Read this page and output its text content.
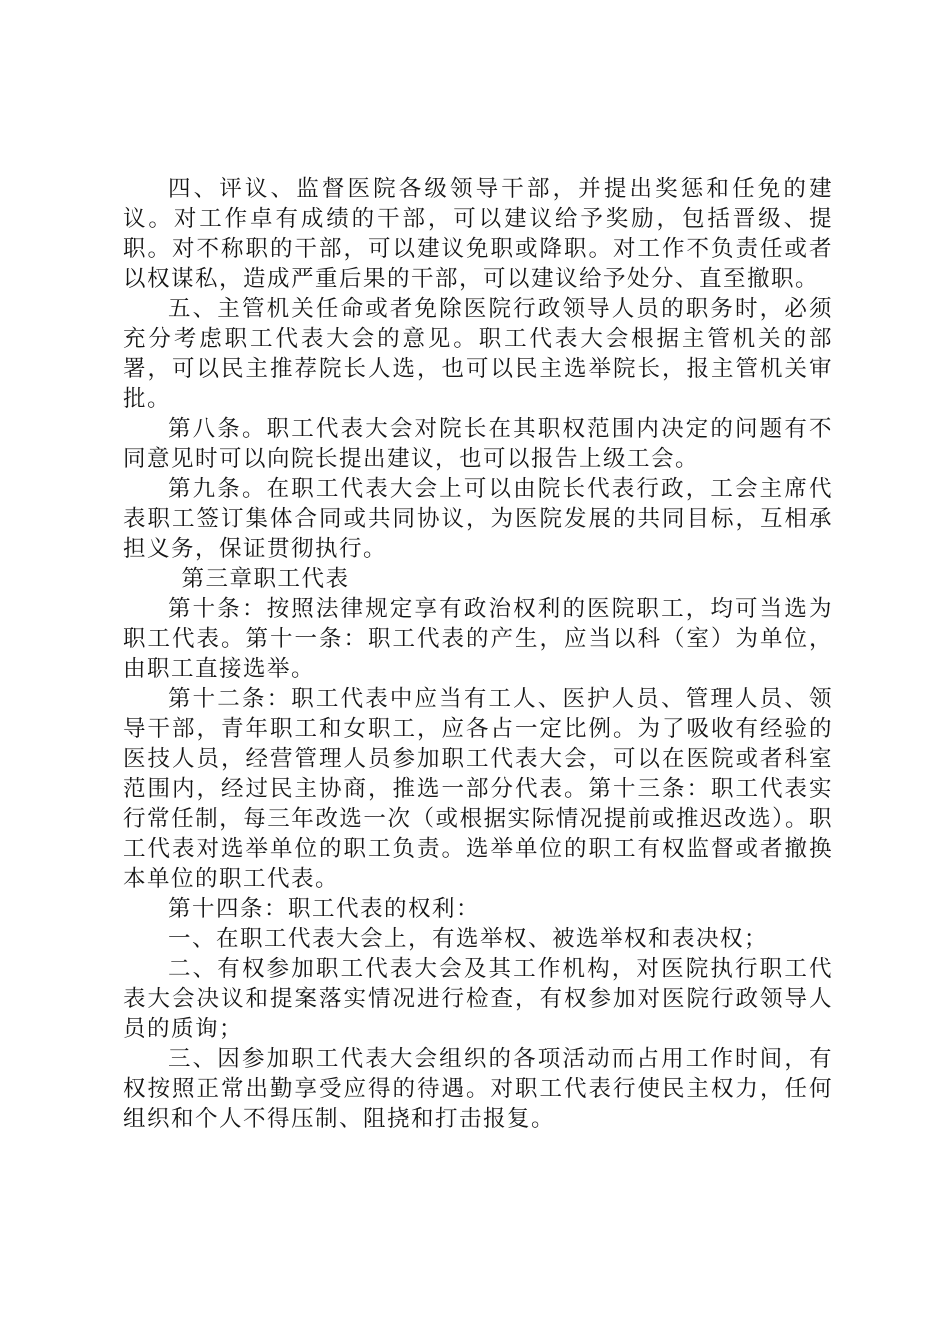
四、评议、监督医院各级领导干部，并提出奖惩和任免的建议。对工作卓有成绩的干部，可以建议给予奖励，包括晋级、提职。对不称职的干部，可以建议免职或降职。对工作不负责任或者以权谋私，造成严重后果的干部，可以建议给予处分、直至撤职。

五、主管机关任命或者免除医院行政领导人员的职务时，必须充分考虑职工代表大会的意见。职工代表大会根据主管机关的部署，可以民主推荐院长人选，也可以民主选举院长，报主管机关审批。

第八条。职工代表大会对院长在其职权范围内决定的问题有不同意见时可以向院长提出建议，也可以报告上级工会。

第九条。在职工代表大会上可以由院长代表行政，工会主席代表职工签订集体合同或共同协议，为医院发展的共同目标，互相承担义务，保证贯彻执行。

第三章职工代表

第十条：按照法律规定享有政治权利的医院职工，均可当选为职工代表。第十一条：职工代表的产生，应当以科（室）为单位，由职工直接选举。

第十二条：职工代表中应当有工人、医护人员、管理人员、领导干部，青年职工和女职工，应各占一定比例。为了吸收有经验的医技人员，经营管理人员参加职工代表大会，可以在医院或者科室范围内，经过民主协商，推选一部分代表。第十三条：职工代表实行常任制，每三年改选一次（或根据实际情况提前或推迟改选）。职工代表对选举单位的职工负责。选举单位的职工有权监督或者撤换本单位的职工代表。

第十四条：职工代表的权利：

一、在职工代表大会上，有选举权、被选举权和表决权；

二、有权参加职工代表大会及其工作机构，对医院执行职工代表大会决议和提案落实情况进行检查，有权参加对医院行政领导人员的质询；

三、因参加职工代表大会组织的各项活动而占用工作时间，有权按照正常出勤享受应得的待遇。对职工代表行使民主权力，任何组织和个人不得压制、阻挠和打击报复。
